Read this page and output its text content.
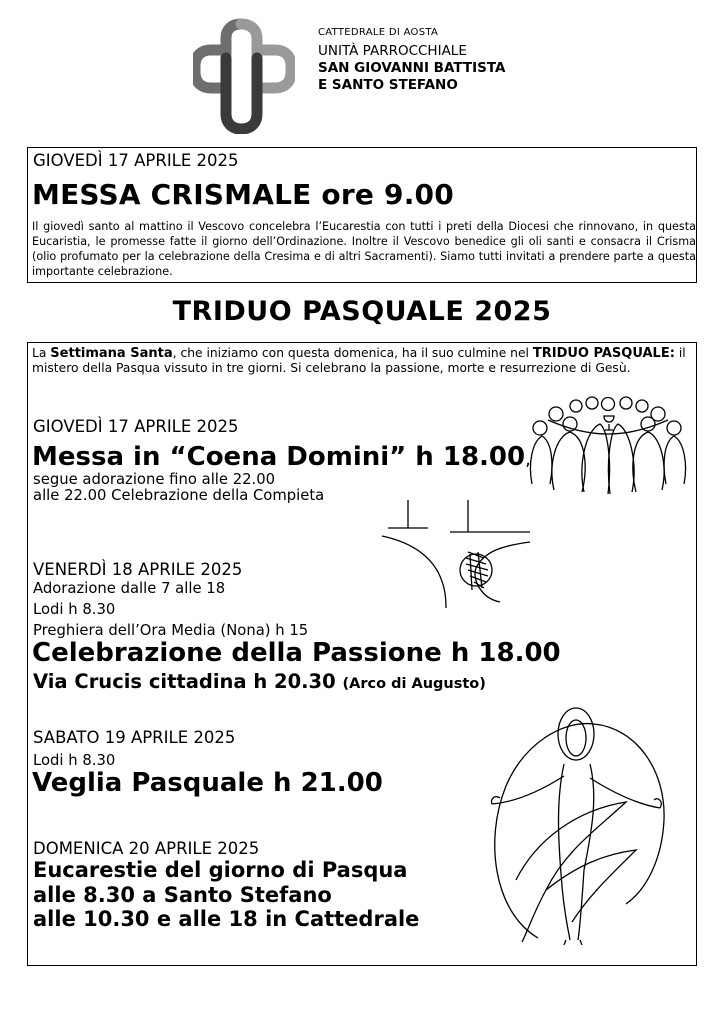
CATTEDRALE DI AOSTA
UNITÀ PARROCCHIALE
SAN GIOVANNI BATTISTA
E SANTO STEFANO
GIOVEDÌ 17 APRILE 2025
MESSA CRISMALE ore 9.00
Il giovedì santo al mattino il Vescovo concelebra l’Eucarestia con tutti i preti della Diocesi che rinnovano, in questa Eucaristia, le promesse fatte il giorno dell’Ordinazione. Inoltre il Vescovo benedice gli oli santi e consacra il Crisma (olio profumato per la celebrazione della Cresima e di altri Sacramenti). Siamo tutti invitati a prendere parte a questa importante celebrazione.
TRIDUO PASQUALE 2025
La Settimana Santa, che iniziamo con questa domenica, ha il suo culmine nel TRIDUO PASQUALE: il mistero della Pasqua vissuto in tre giorni. Si celebrano la passione, morte e resurrezione di Gesù.
GIOVEDÌ 17 APRILE 2025
Messa in “Coena Domini” h 18.00,
segue adorazione fino alle 22.00
alle 22.00 Celebrazione della Compieta
VENERDÌ 18 APRILE 2025
Adorazione dalle 7 alle 18
Lodi h 8.30
Preghiera dell’Ora Media (Nona) h 15
Celebrazione della Passione h 18.00
Via Crucis cittadina h 20.30 (Arco di Augusto)
SABATO 19 APRILE 2025
Lodi h 8.30
Veglia Pasquale h 21.00
DOMENICA 20 APRILE 2025
Eucarestie del giorno di Pasqua
alle 8.30 a Santo Stefano
alle 10.30 e alle 18 in Cattedrale
